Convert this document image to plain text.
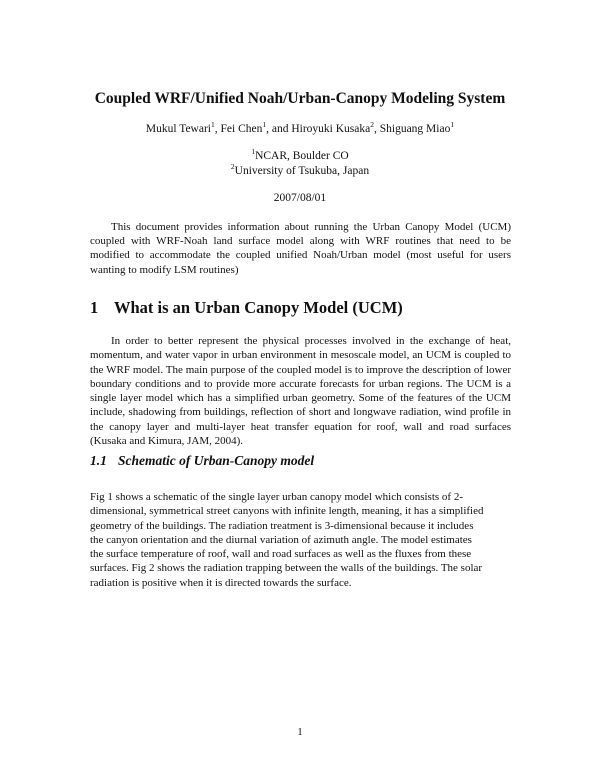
Coupled WRF/Unified Noah/Urban-Canopy Modeling System
Mukul Tewari$^1$, Fei Chen$^1$, and Hiroyuki Kusaka$^2$, Shiguang Miao$^1$
$^1$NCAR, Boulder CO
$^2$University of Tsukuba, Japan
2007/08/01

This document provides information about running the Urban Canopy Model (UCM) coupled with WRF-Noah land surface model along with WRF routines that need to be modified to accommodate the coupled unified Noah/Urban model (most useful for users wanting to modify LSM routines)

1 What is an Urban Canopy Model (UCM)

In order to better represent the physical processes involved in the exchange of heat, momentum, and water vapor in urban environment in mesoscale model, an UCM is coupled to the WRF model. The main purpose of the coupled model is to improve the description of lower boundary conditions and to provide more accurate forecasts for urban regions. The UCM is a single layer model which has a simplified urban geometry. Some of the features of the UCM include, shadowing from buildings, reflection of short and longwave radiation, wind profile in the canopy layer and multi-layer heat transfer equation for roof, wall and road surfaces (Kusaka and Kimura, JAM, 2004).

1.1 Schematic of Urban-Canopy model
Fig 1 shows a schematic of the single layer urban canopy model which consists of 2-
dimensional, symmetrical street canyons with infinite length, meaning, it has a simplified
geometry of the buildings. The radiation treatment is 3-dimensional because it includes
the canyon orientation and the diurnal variation of azimuth angle. The model estimates
the surface temperature of roof, wall and road surfaces as well as the fluxes from these
surfaces. Fig 2 shows the radiation trapping between the walls of the buildings. The solar
radiation is positive when it is directed towards the surface.
1
